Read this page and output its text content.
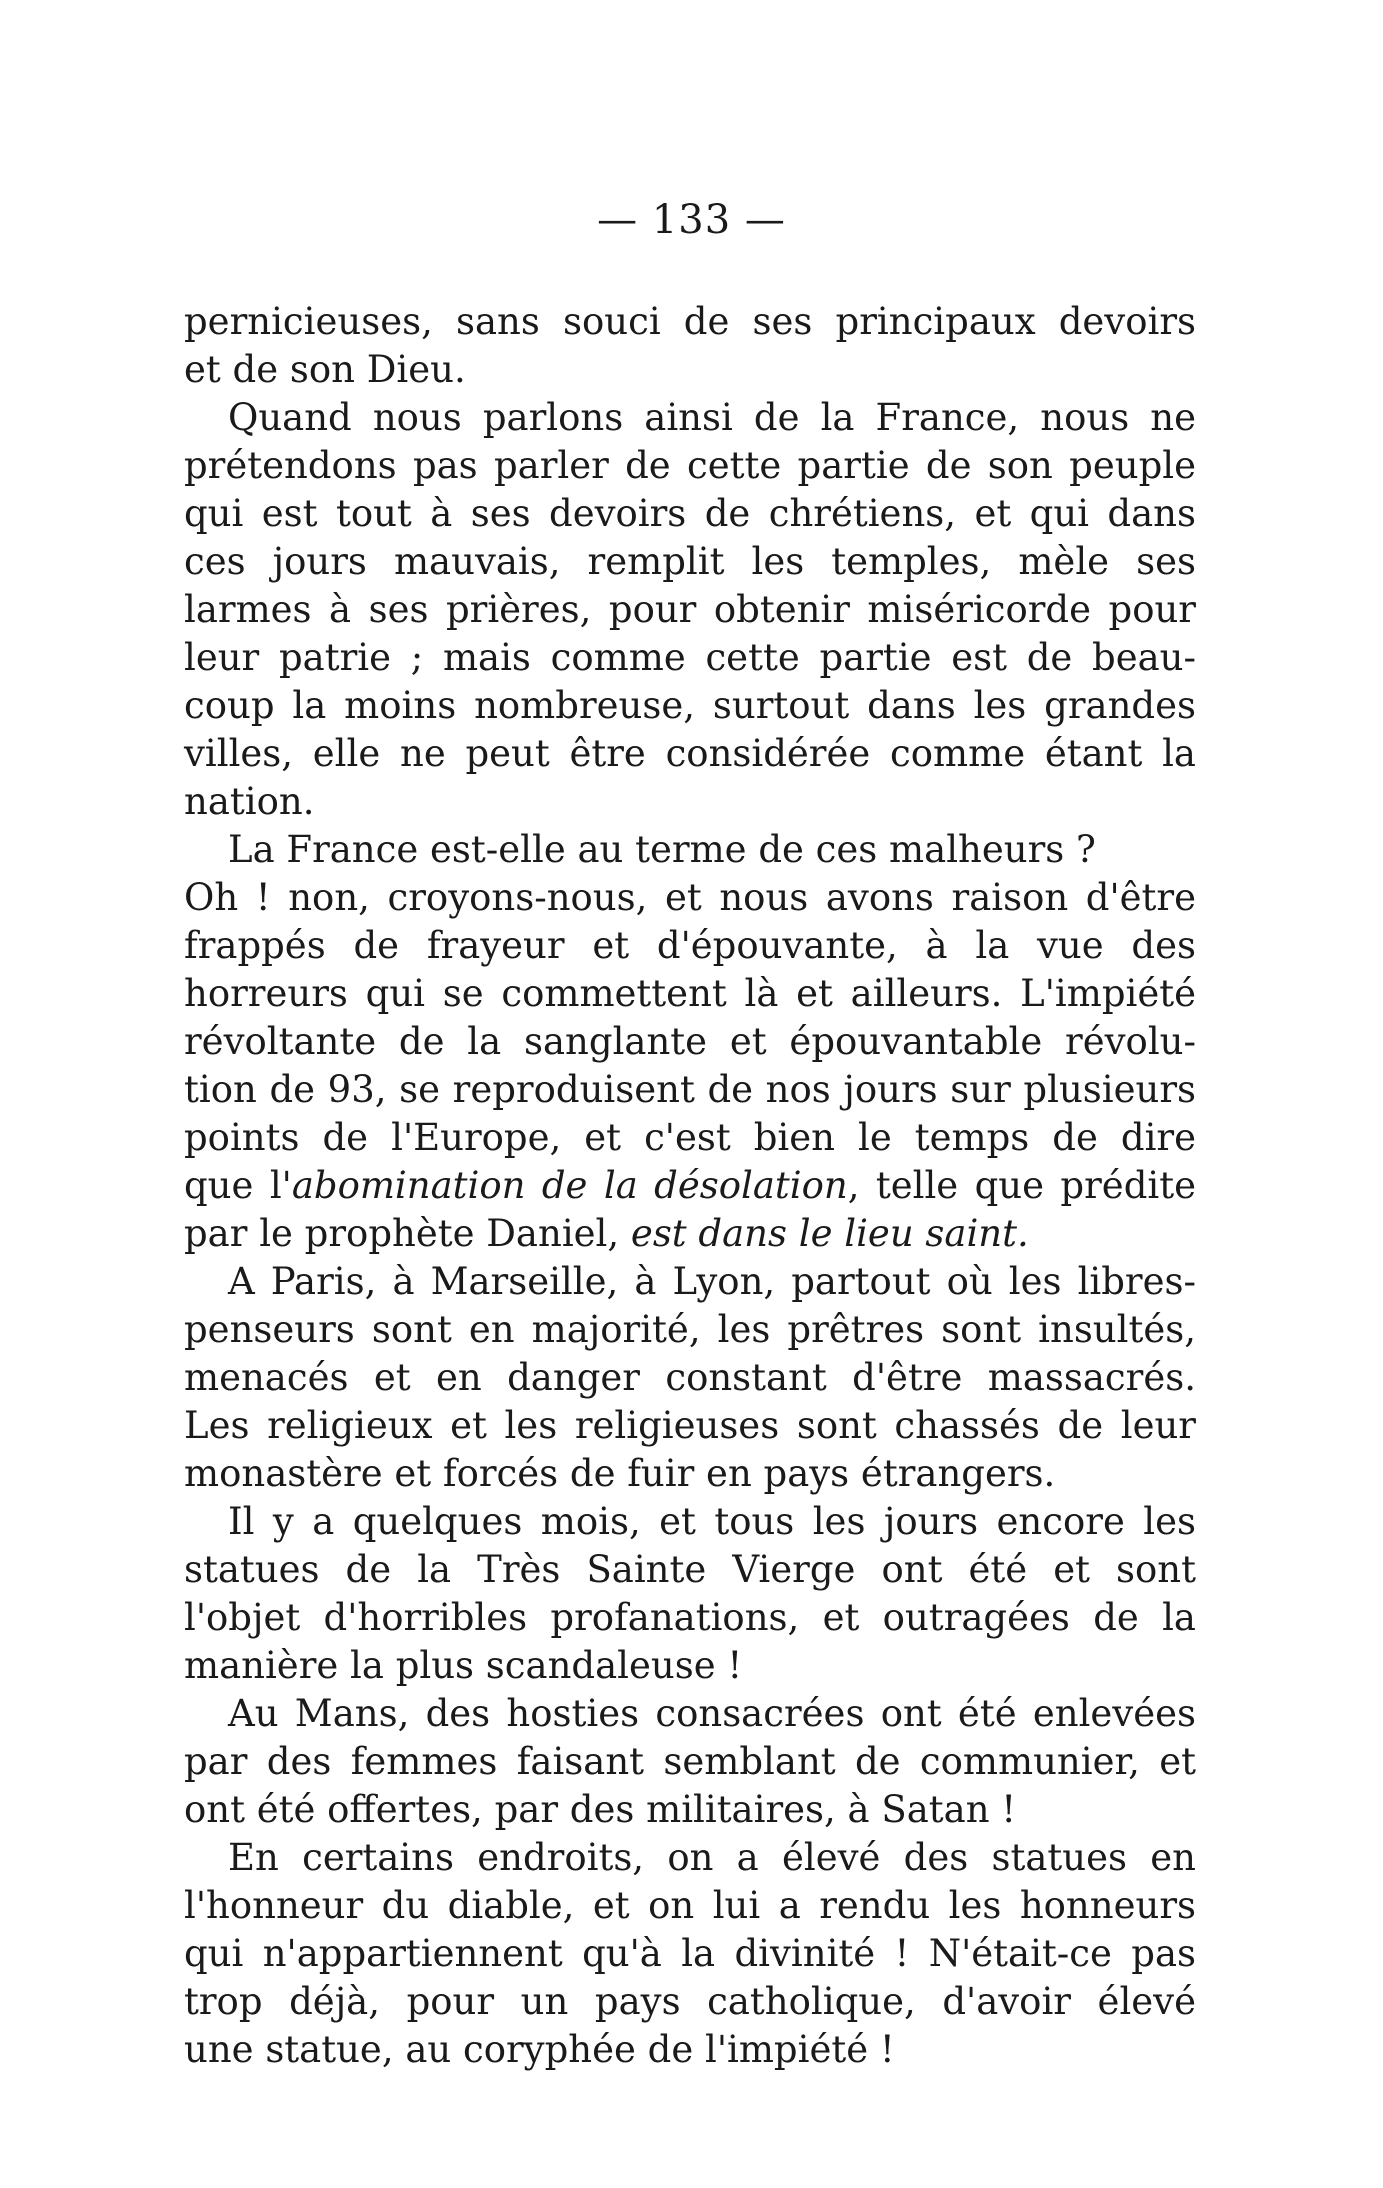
— 133 —
pernicieuses, sans souci de ses principaux devoirs
et de son Dieu.
Quand nous parlons ainsi de la France, nous ne
prétendons pas parler de cette partie de son peuple
qui est tout à ses devoirs de chrétiens, et qui dans
ces jours mauvais, remplit les temples, mèle ses
larmes à ses prières, pour obtenir miséricorde pour
leur patrie ; mais comme cette partie est de beau-
coup la moins nombreuse, surtout dans les grandes
villes, elle ne peut être considérée comme étant la
nation.
La France est-elle au terme de ces malheurs ?
Oh ! non, croyons-nous, et nous avons raison d'être
frappés de frayeur et d'épouvante, à la vue des
horreurs qui se commettent là et ailleurs. L'impiété
révoltante de la sanglante et épouvantable révolu-
tion de 93, se reproduisent de nos jours sur plusieurs
points de l'Europe, et c'est bien le temps de dire
que l'abomination de la désolation, telle que prédite
par le prophète Daniel, est dans le lieu saint.
A Paris, à Marseille, à Lyon, partout où les libres-
penseurs sont en majorité, les prêtres sont insultés,
menacés et en danger constant d'être massacrés.
Les religieux et les religieuses sont chassés de leur
monastère et forcés de fuir en pays étrangers.
Il y a quelques mois, et tous les jours encore les
statues de la Très Sainte Vierge ont été et sont
l'objet d'horribles profanations, et outragées de la
manière la plus scandaleuse !
Au Mans, des hosties consacrées ont été enlevées
par des femmes faisant semblant de communier, et
ont été offertes, par des militaires, à Satan !
En certains endroits, on a élevé des statues en
l'honneur du diable, et on lui a rendu les honneurs
qui n'appartiennent qu'à la divinité ! N'était-ce pas
trop déjà, pour un pays catholique, d'avoir élevé
une statue, au coryphée de l'impiété !
